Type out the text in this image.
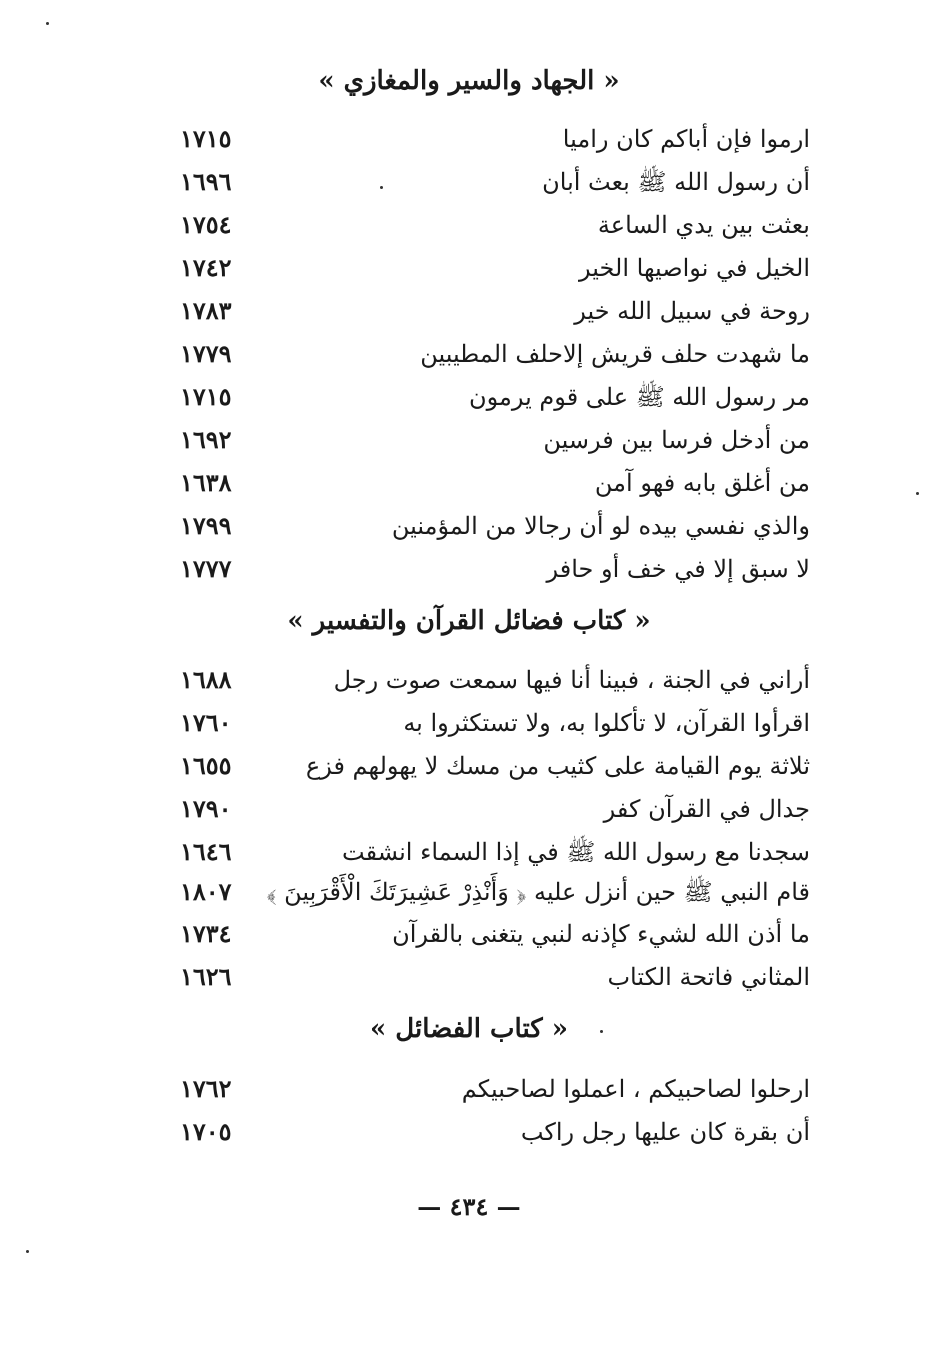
« الجهاد والسير والمغازي »
ارموا فإن أباكم كان راميا
١٧١٥
أن رسول الله ﷺ بعث أبان
١٦٩٦
بعثت بين يدي الساعة
١٧٥٤
الخيل في نواصيها الخير
١٧٤٢
روحة في سبيل الله خير
١٧٨٣
ما شهدت حلف قريش إلاحلف المطيبين
١٧٧٩
مر رسول الله ﷺ على قوم يرمون
١٧١٥
من أدخل فرسا بين فرسين
١٦٩٢
من أغلق بابه فهو آمن
١٦٣٨
والذي نفسي بيده لو أن رجالا من المؤمنين
١٧٩٩
لا سبق إلا في خف أو حافر
١٧٧٧
« كتاب فضائل القرآن والتفسير »
أراني في الجنة ، فبينا أنا فيها سمعت صوت رجل
١٦٨٨
اقرأوا القرآن، لا تأكلوا به، ولا تستكثروا به
١٧٦٠
ثلاثة يوم القيامة على كثيب من مسك لا يهولهم فزع
١٦٥٥
جدال في القرآن كفر
١٧٩٠
سجدنا مع رسول الله ﷺ في إذا السماء انشقت
١٦٤٦
قام النبي ﷺ حين أنزل عليه ﴿ وَأَنْذِرْ عَشِيرَتَكَ الْأَقْرَبِينَ ﴾
١٨٠٧
ما أذن الله لشيء كإذنه لنبي يتغنى بالقرآن
١٧٣٤
المثاني فاتحة الكتاب
١٦٢٦
« كتاب الفضائل »
ارحلوا لصاحبيكم ، اعملوا لصاحبيكم
١٧٦٢
أن بقرة كان عليها رجل راكب
١٧٠٥
— ٤٣٤ —
